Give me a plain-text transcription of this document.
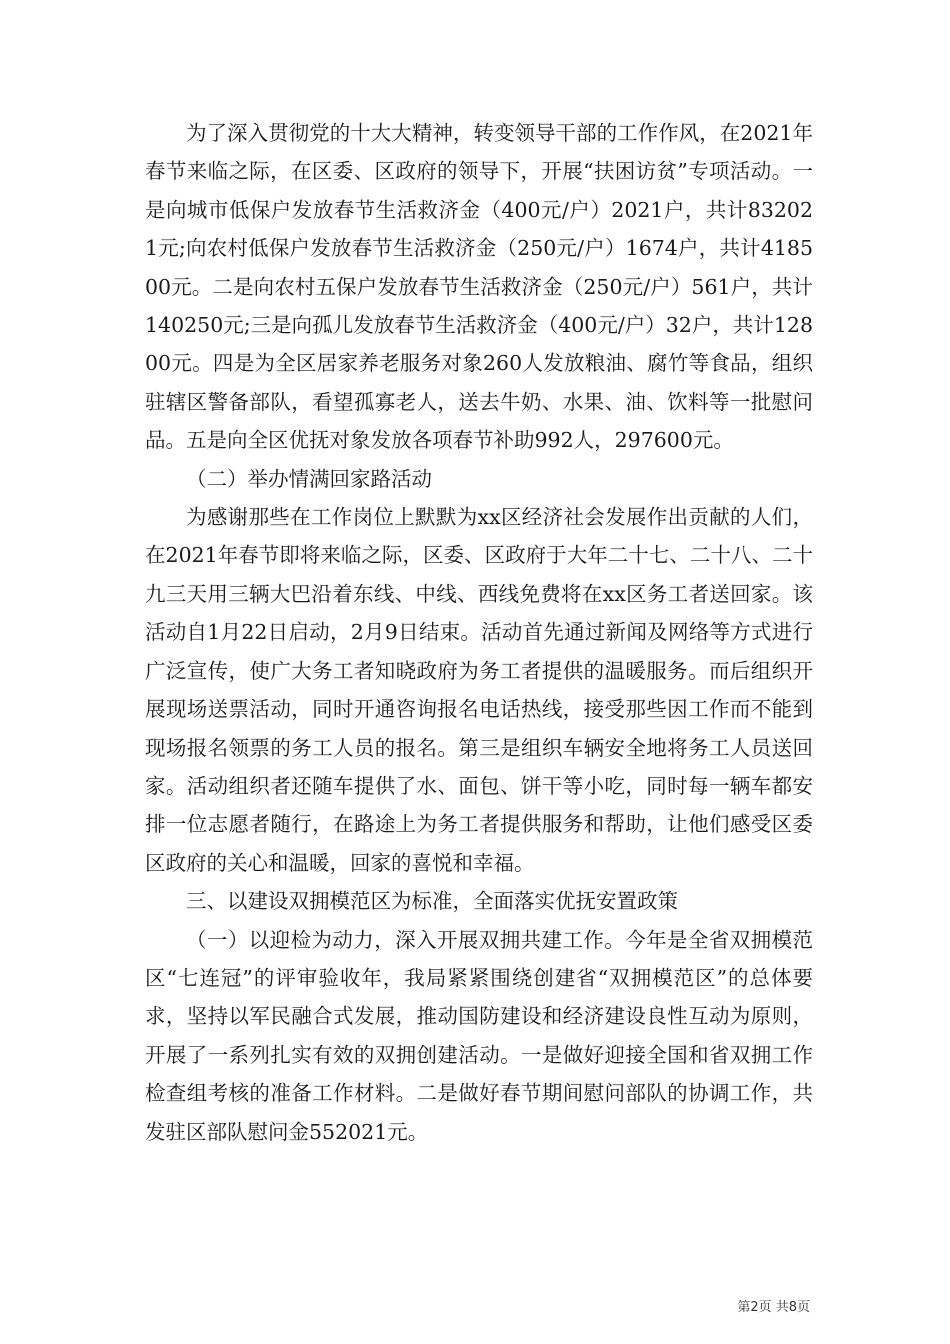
为了深入贯彻党的十大大精神，转变领导干部的工作作风，在2021年春节来临之际，在区委、区政府的领导下，开展“扶困访贫”专项活动。一是向城市低保户发放春节生活救济金（400元/户）2021户，共计832021元;向农村低保户发放春节生活救济金（250元/户）1674户，共计418500元。二是向农村五保户发放春节生活救济金（250元/户）561户，共计140250元;三是向孤儿发放春节生活救济金（400元/户）32户，共计12800元。四是为全区居家养老服务对象260人发放粮油、腐竹等食品，组织驻辖区警备部队，看望孤寡老人，送去牛奶、水果、油、饮料等一批慰问品。五是向全区优抚对象发放各项春节补助992人，297600元。

（二）举办情满回家路活动

为感谢那些在工作岗位上默默为xx区经济社会发展作出贡献的人们，在2021年春节即将来临之际，区委、区政府于大年二十七、二十八、二十九三天用三辆大巴沿着东线、中线、西线免费将在xx区务工者送回家。该活动自1月22日启动，2月9日结束。活动首先通过新闻及网络等方式进行广泛宣传，使广大务工者知晓政府为务工者提供的温暖服务。而后组织开展现场送票活动，同时开通咨询报名电话热线，接受那些因工作而不能到现场报名领票的务工人员的报名。第三是组织车辆安全地将务工人员送回家。活动组织者还随车提供了水、面包、饼干等小吃，同时每一辆车都安排一位志愿者随行，在路途上为务工者提供服务和帮助，让他们感受区委区政府的关心和温暖，回家的喜悦和幸福。

三、以建设双拥模范区为标准，全面落实优抚安置政策

（一）以迎检为动力，深入开展双拥共建工作。今年是全省双拥模范区“七连冠”的评审验收年，我局紧紧围绕创建省“双拥模范区”的总体要求，坚持以军民融合式发展，推动国防建设和经济建设良性互动为原则，开展了一系列扎实有效的双拥创建活动。一是做好迎接全国和省双拥工作检查组考核的准备工作材料。二是做好春节期间慰问部队的协调工作，共发驻区部队慰问金552021元。

第2页 共8页
